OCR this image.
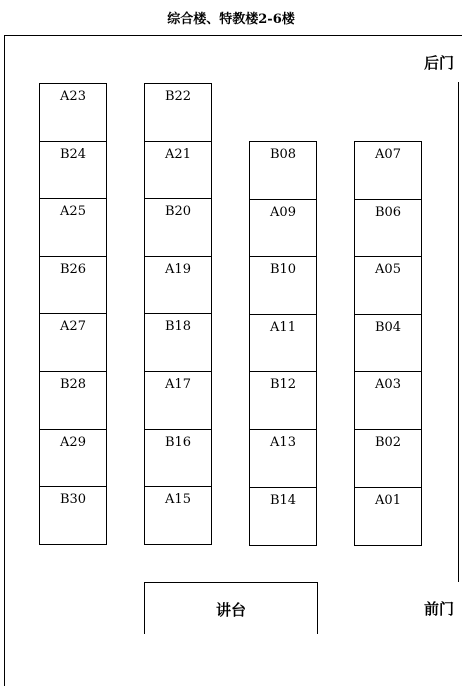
综合楼、特教楼2-6楼
后门
前门
A23
B24
A25
B26
A27
B28
A29
B30
B22
A21
B20
A19
B18
A17
B16
A15
B08
A09
B10
A11
B12
A13
B14
A07
B06
A05
B04
A03
B02
A01
讲台
